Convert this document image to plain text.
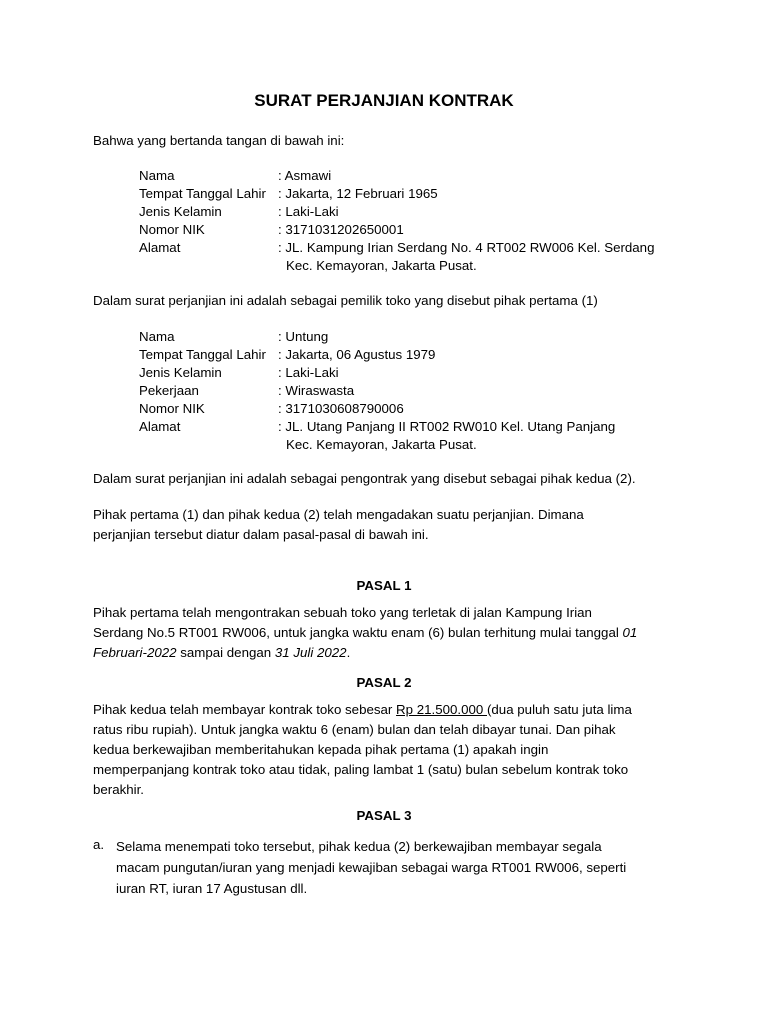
SURAT PERJANJIAN KONTRAK
Bahwa yang bertanda tangan di bawah ini:
Nama	: Asmawi
Tempat Tanggal Lahir : Jakarta, 12 Februari 1965
Jenis Kelamin	: Laki-Laki
Nomor NIK	: 3171031202650001
Alamat	: JL. Kampung Irian Serdang No. 4 RT002 RW006 Kel. Serdang
Kec. Kemayoran, Jakarta Pusat.
Dalam surat perjanjian ini adalah sebagai pemilik toko yang disebut pihak pertama (1)
Nama	: Untung
Tempat Tanggal Lahir : Jakarta, 06 Agustus 1979
Jenis Kelamin	: Laki-Laki
Pekerjaan	: Wiraswasta
Nomor NIK	: 3171030608790006
Alamat	: JL. Utang Panjang II RT002 RW010 Kel. Utang Panjang
Kec. Kemayoran, Jakarta Pusat.
Dalam surat perjanjian ini adalah sebagai pengontrak yang disebut sebagai pihak kedua (2).

Pihak pertama (1) dan pihak kedua (2) telah mengadakan suatu perjanjian. Dimana

perjanjian tersebut diatur dalam pasal-pasal di bawah ini.

PASAL 1

Pihak pertama telah mengontrakan sebuah toko yang terletak di jalan Kampung Irian

Serdang No.5 RT001 RW006, untuk jangka waktu enam (6) bulan terhitung mulai tanggal 01

Februari-2022 sampai dengan 31 Juli 2022.

PASAL 2

Pihak kedua telah membayar kontrak toko sebesar Rp 21.500.000 (dua puluh satu juta lima

ratus ribu rupiah). Untuk jangka waktu 6 (enam) bulan dan telah dibayar tunai. Dan pihak

kedua berkewajiban memberitahukan kepada pihak pertama (1) apakah ingin

memperpanjang kontrak toko atau tidak, paling lambat 1 (satu) bulan sebelum kontrak toko

berakhir.

PASAL 3
a. Selama menempati toko tersebut, pihak kedua (2) berkewajiban membayar segala
macam pungutan/iuran yang menjadi kewajiban sebagai warga RT001 RW006, seperti
iuran RT, iuran 17 Agustusan dll.
